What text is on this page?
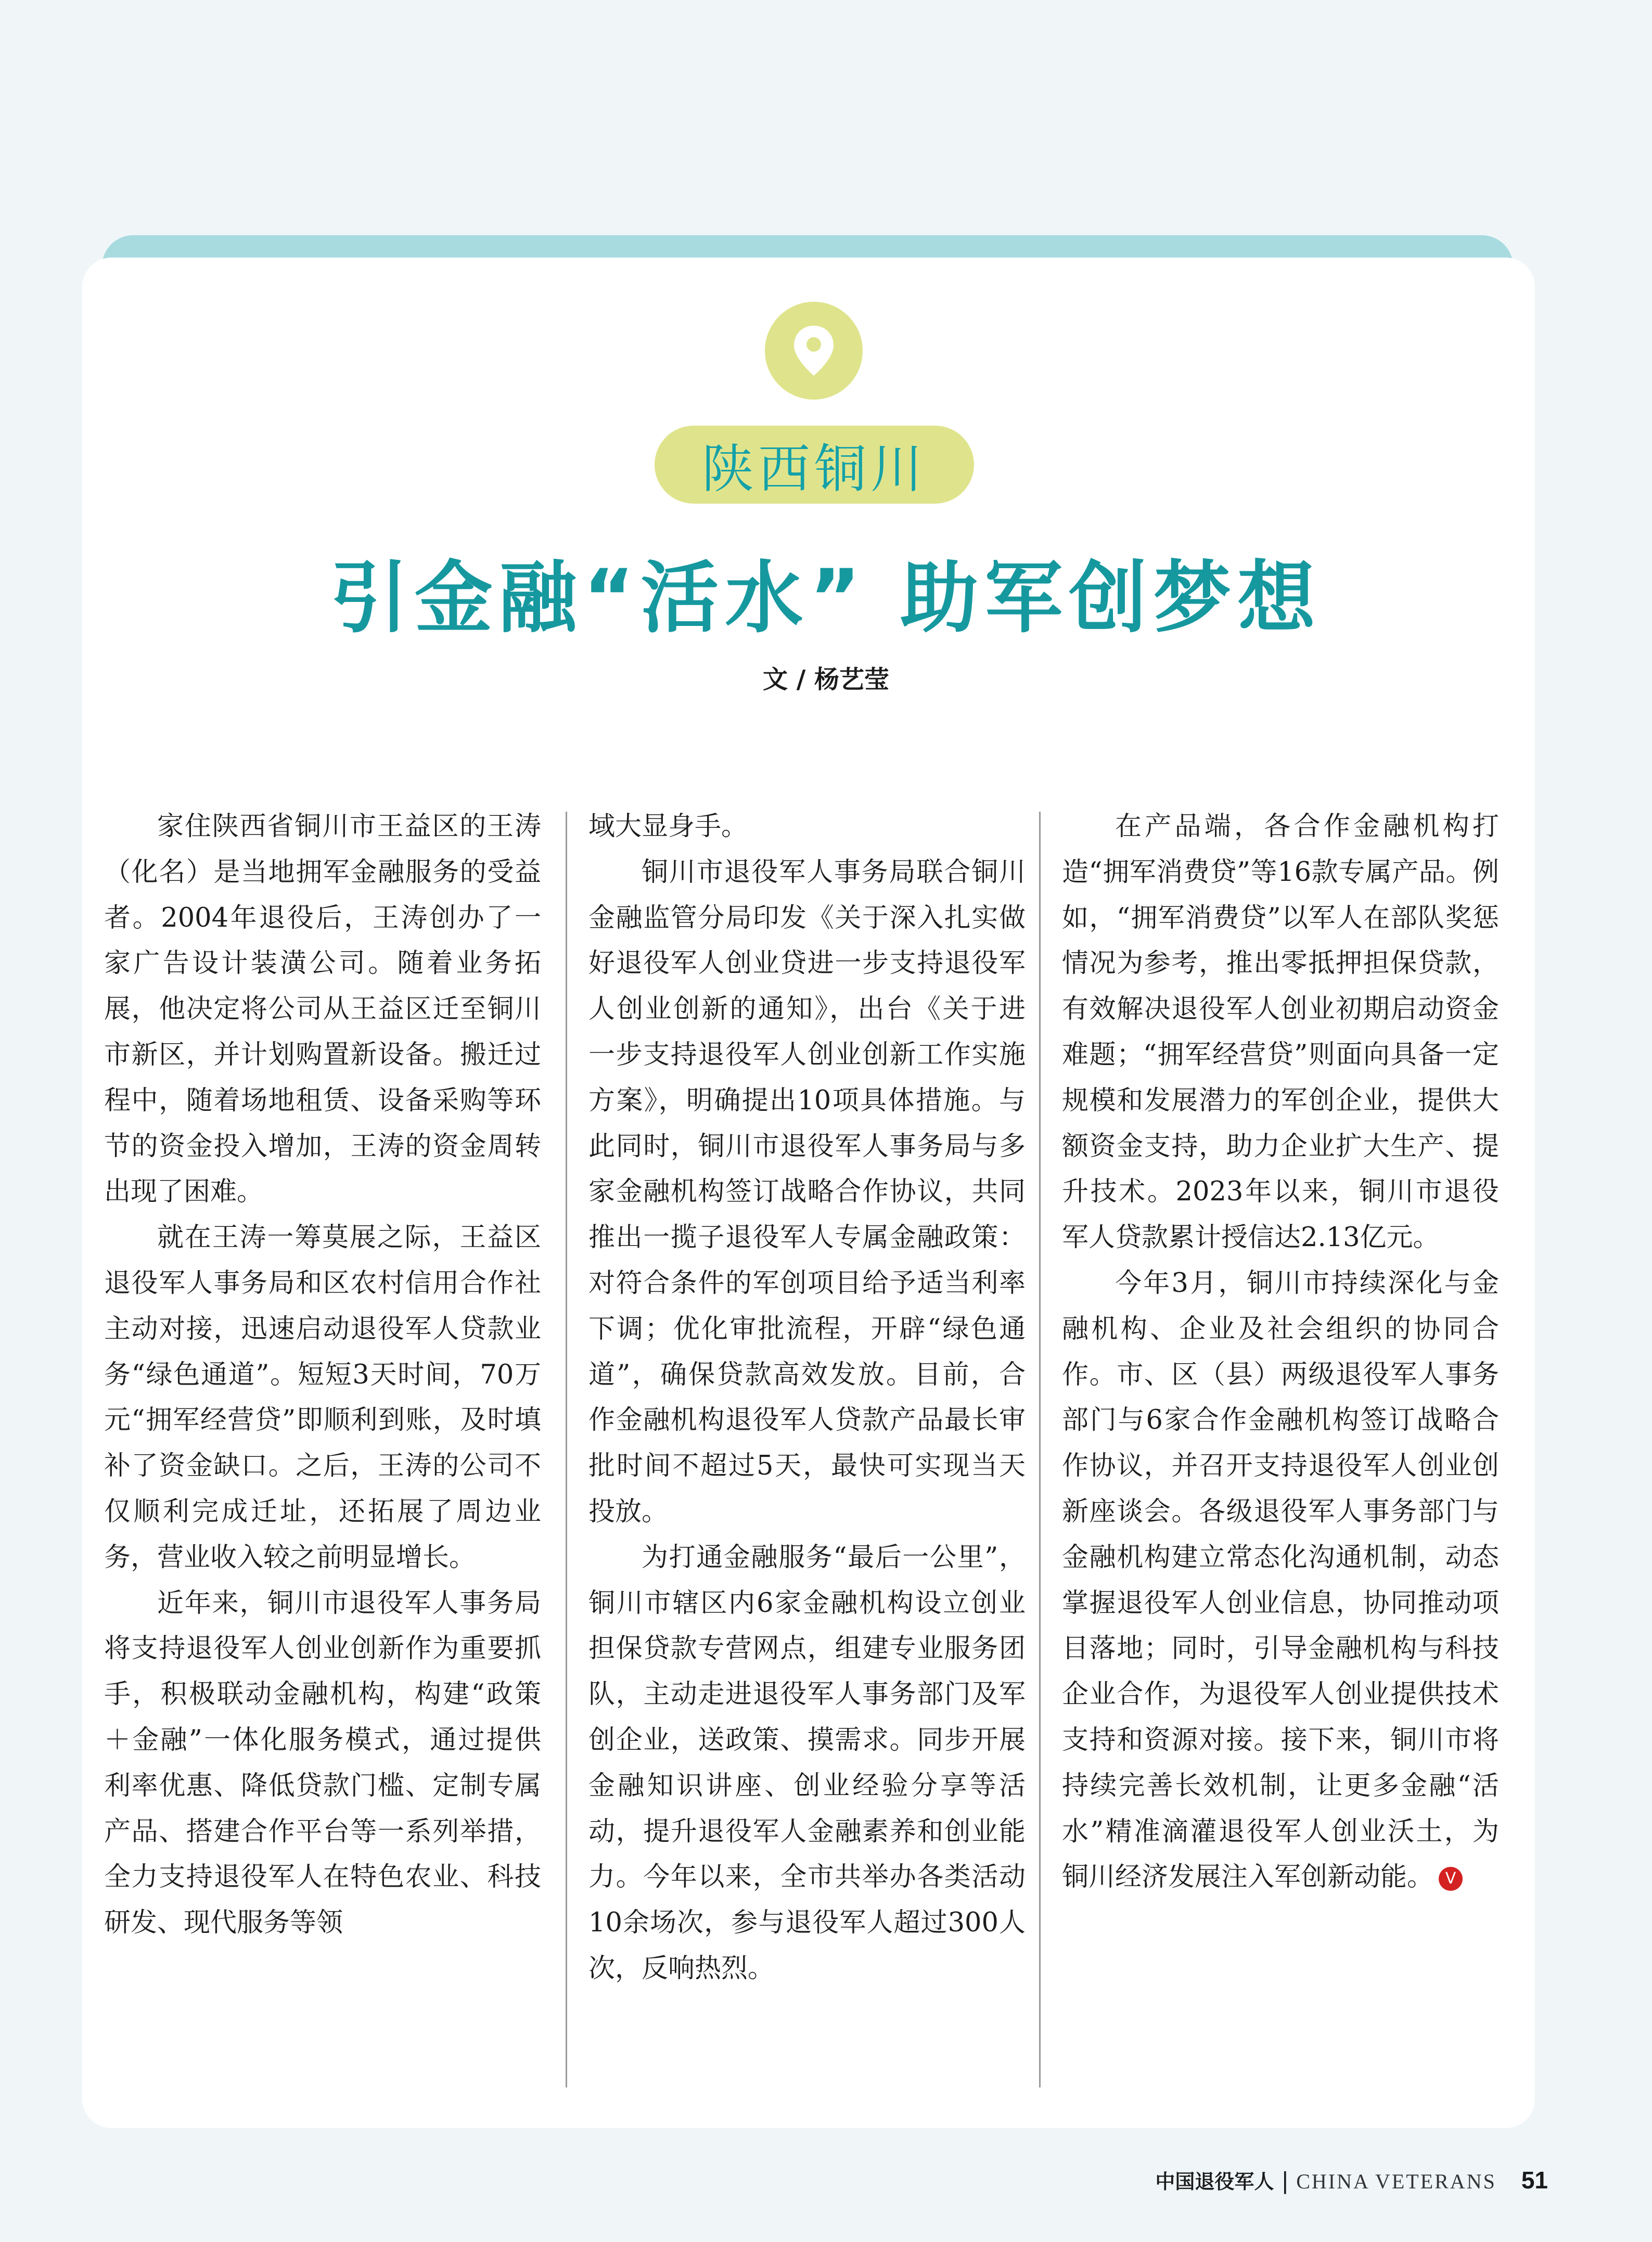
陕西铜川
引金融“活水” 助军创梦想
文 / 杨艺莹

家住陕西省铜川市王益区的王涛（化名）是当地拥军金融服务的受益者。2004年退役后，王涛创办了一家广告设计装潢公司。随着业务拓展，他决定将公司从王益区迁至铜川市新区，并计划购置新设备。搬迁过程中，随着场地租赁、设备采购等环节的资金投入增加，王涛的资金周转出现了困难。

就在王涛一筹莫展之际，王益区退役军人事务局和区农村信用合作社主动对接，迅速启动退役军人贷款业务“绿色通道”。短短3天时间，70万元“拥军经营贷”即顺利到账，及时填补了资金缺口。之后，王涛的公司不仅顺利完成迁址，还拓展了周边业务，营业收入较之前明显增长。

近年来，铜川市退役军人事务局将支持退役军人创业创新作为重要抓手，积极联动金融机构，构建“政策＋金融”一体化服务模式，通过提供利率优惠、降低贷款门槛、定制专属产品、搭建合作平台等一系列举措，全力支持退役军人在特色农业、科技研发、现代服务等领

域大显身手。

铜川市退役军人事务局联合铜川金融监管分局印发《关于深入扎实做好退役军人创业贷进一步支持退役军人创业创新的通知》，出台《关于进一步支持退役军人创业创新工作实施方案》，明确提出10项具体措施。与此同时，铜川市退役军人事务局与多家金融机构签订战略合作协议，共同推出一揽子退役军人专属金融政策：对符合条件的军创项目给予适当利率下调；优化审批流程，开辟“绿色通道”，确保贷款高效发放。目前，合作金融机构退役军人贷款产品最长审批时间不超过5天，最快可实现当天投放。

为打通金融服务“最后一公里”，铜川市辖区内6家金融机构设立创业担保贷款专营网点，组建专业服务团队，主动走进退役军人事务部门及军创企业，送政策、摸需求。同步开展金融知识讲座、创业经验分享等活动，提升退役军人金融素养和创业能力。今年以来，全市共举办各类活动10余场次，参与退役军人超过300人次，反响热烈。

在产品端，各合作金融机构打造“拥军消费贷”等16款专属产品。例如，“拥军消费贷”以军人在部队奖惩情况为参考，推出零抵押担保贷款，有效解决退役军人创业初期启动资金难题；“拥军经营贷”则面向具备一定规模和发展潜力的军创企业，提供大额资金支持，助力企业扩大生产、提升技术。2023年以来，铜川市退役军人贷款累计授信达2.13亿元。

今年3月，铜川市持续深化与金融机构、企业及社会组织的协同合作。市、区（县）两级退役军人事务部门与6家合作金融机构签订战略合作协议，并召开支持退役军人创业创新座谈会。各级退役军人事务部门与金融机构建立常态化沟通机制，动态掌握退役军人创业信息，协同推动项目落地；同时，引导金融机构与科技企业合作，为退役军人创业提供技术支持和资源对接。接下来，铜川市将持续完善长效机制，让更多金融“活水”精准滴灌退役军人创业沃土，为铜川经济发展注入军创新动能。 V

中国退役军人 | CHINA VETERANS 51
